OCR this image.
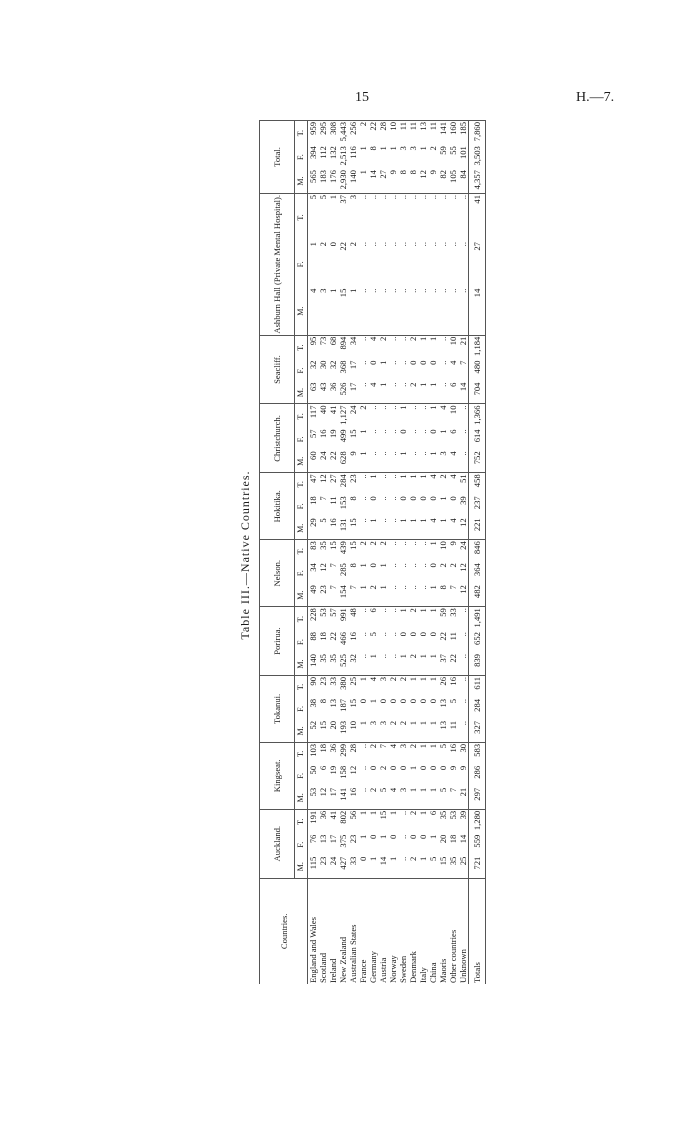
15	H.—7.
Table III.—Native Countries.
Countries.	Auckland.			Kingseat.			Tokanui.			Porirua.			Nelson.			Hokitika.			Christchurch.			Seacliff.			Ashburn Hall (Private Mental Hospital).			Total.		
	M.	F.	T.	M.	F.	T.	M.	F.	T.	M.	F.	T.	M.	F.	T.	M.	F.	T.	M.	F.	T.	M.	F.	T.	M.	F.	T.	M.	F.	T.
England and Wales	115	76	191	53	50	103	52	38	90	140	88	228	49	34	83	29	18	47	60	57	117	63	32	95	4	1	5	565	394	959
Scotland	23	13	36	12	6	18	15	8	23	35	18	53	23	12	35	5	7	12	24	16	40	43	30	73	3	2	5	183	112	295
Ireland	24	17	41	17	19	36	20	13	33	35	22	57	7	7	15	16	11	27	22	19	41	36	32	68	1	0	1	176	132	308
New Zealand	427	375	802	141	158	299	193	187	380	525	466	991	154	285	439	131	153	284	628	499	1,127	526	368	894	15	22	37	2,930	2,513	5,443
Australian States	33	23	56	16	12	28	10	15	25	32	16	48	7	8	15	15	8	23	9	15	24	17	17	34	1	2	3	140	116	256
France	0	1	1	..	..	..	1	0	1	..	..	..	1	1	2	..	..	..	1	1	2	..	..	..	..	..	..	1	1	2
Germany	1	0	1	2	0	2	3	1	4	1	5	6	2	0	2	1	0	1	..	..	..	4	0	4	..	..	..	14	8	22
Austria	14	1	15	5	2	7	3	0	3	..	..	..	1	1	2	..	..	..	..	..	..	1	1	2	..	..	..	27	1	28
Norway	1	0	1	4	0	4	2	0	2	..	..	..	..	..	..	..	..	..	..	..	..	..	..	..	..	..	..	9	1	10
Sweden	..	..	..	3	0	3	2	0	2	1	0	1	..	..	..	1	0	1	1	0	1	..	..	..	..	..	..	8	3	11
Denmark	2	0	2	1	1	2	1	0	1	2	0	2	..	..	..	1	0	1	..	..	..	2	0	2	..	..	..	8	3	11
Italy	1	0	1	1	0	1	1	0	1	1	0	1	..	..	..	1	0	1	..	..	..	1	0	1	..	..	..	12	1	13
China	5	1	6	1	0	1	1	0	1	1	0	1	1	0	1	4	0	4	1	0	1	1	0	1	..	..	..	9	2	11
Maoris	15	20	35	5	0	5	13	13	26	37	22	59	8	2	10	1	1	2	3	1	4	..	..	..	..	..	..	82	59	141
Other countries	35	18	53	7	9	16	11	5	16	22	11	33	7	2	9	4	0	4	4	6	10	6	4	10	..	..	..	105	55	160
Unknown	25	14	39	21	9	30	..	..	..	..	..	..	12	12	24	12	39	51	..	..	..	14	7	21	..	..	..	84	101	185
Totals	721	559	1,280	297	286	583	327	284	611	839	652	1,491	482	364	846	221	237	458	752	614	1,366	704	480	1,184	14	27	41	4,357	3,503	7,860
